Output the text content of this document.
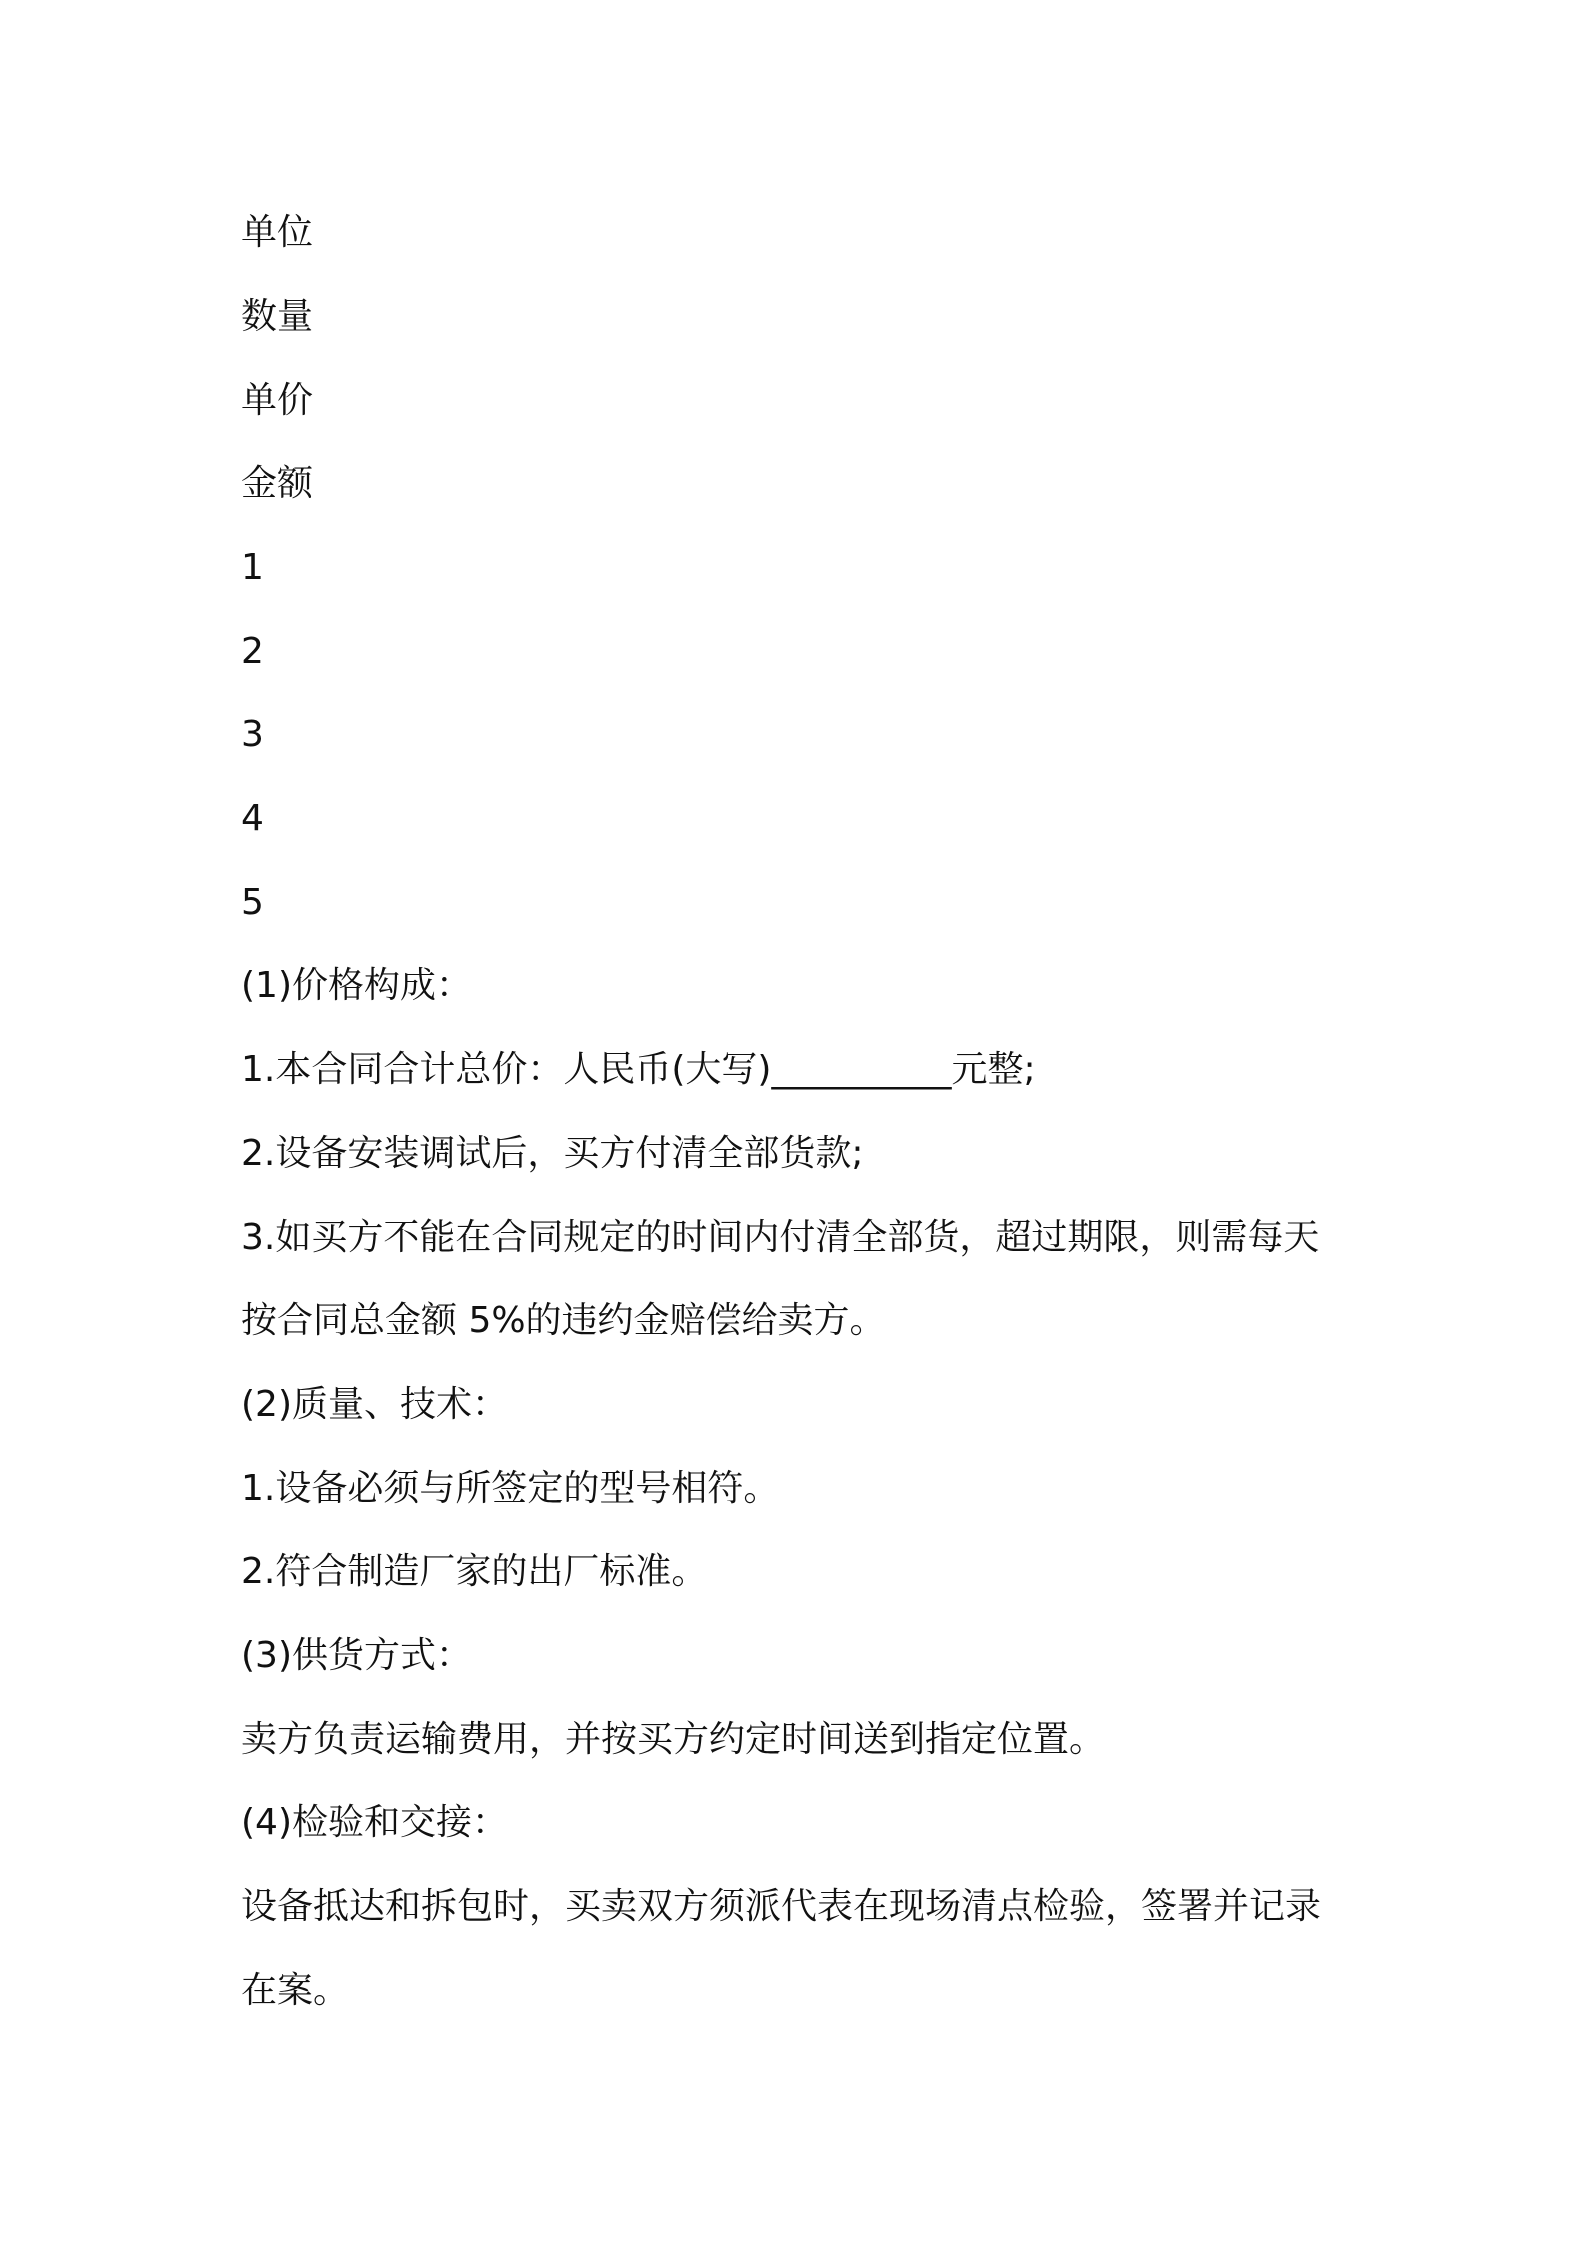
单位
数量
单价
金额
1
2
3
4
5
(1)价格构成：
1.本合同合计总价：人民币(大写)__________元整;
2.设备安装调试后，买方付清全部货款;
3.如买方不能在合同规定的时间内付清全部货，超过期限，则需每天
按合同总金额 5%的违约金赔偿给卖方。
(2)质量、技术：
1.设备必须与所签定的型号相符。
2.符合制造厂家的出厂标准。
(3)供货方式：
卖方负责运输费用，并按买方约定时间送到指定位置。
(4)检验和交接：
设备抵达和拆包时，买卖双方须派代表在现场清点检验，签署并记录
在案。
